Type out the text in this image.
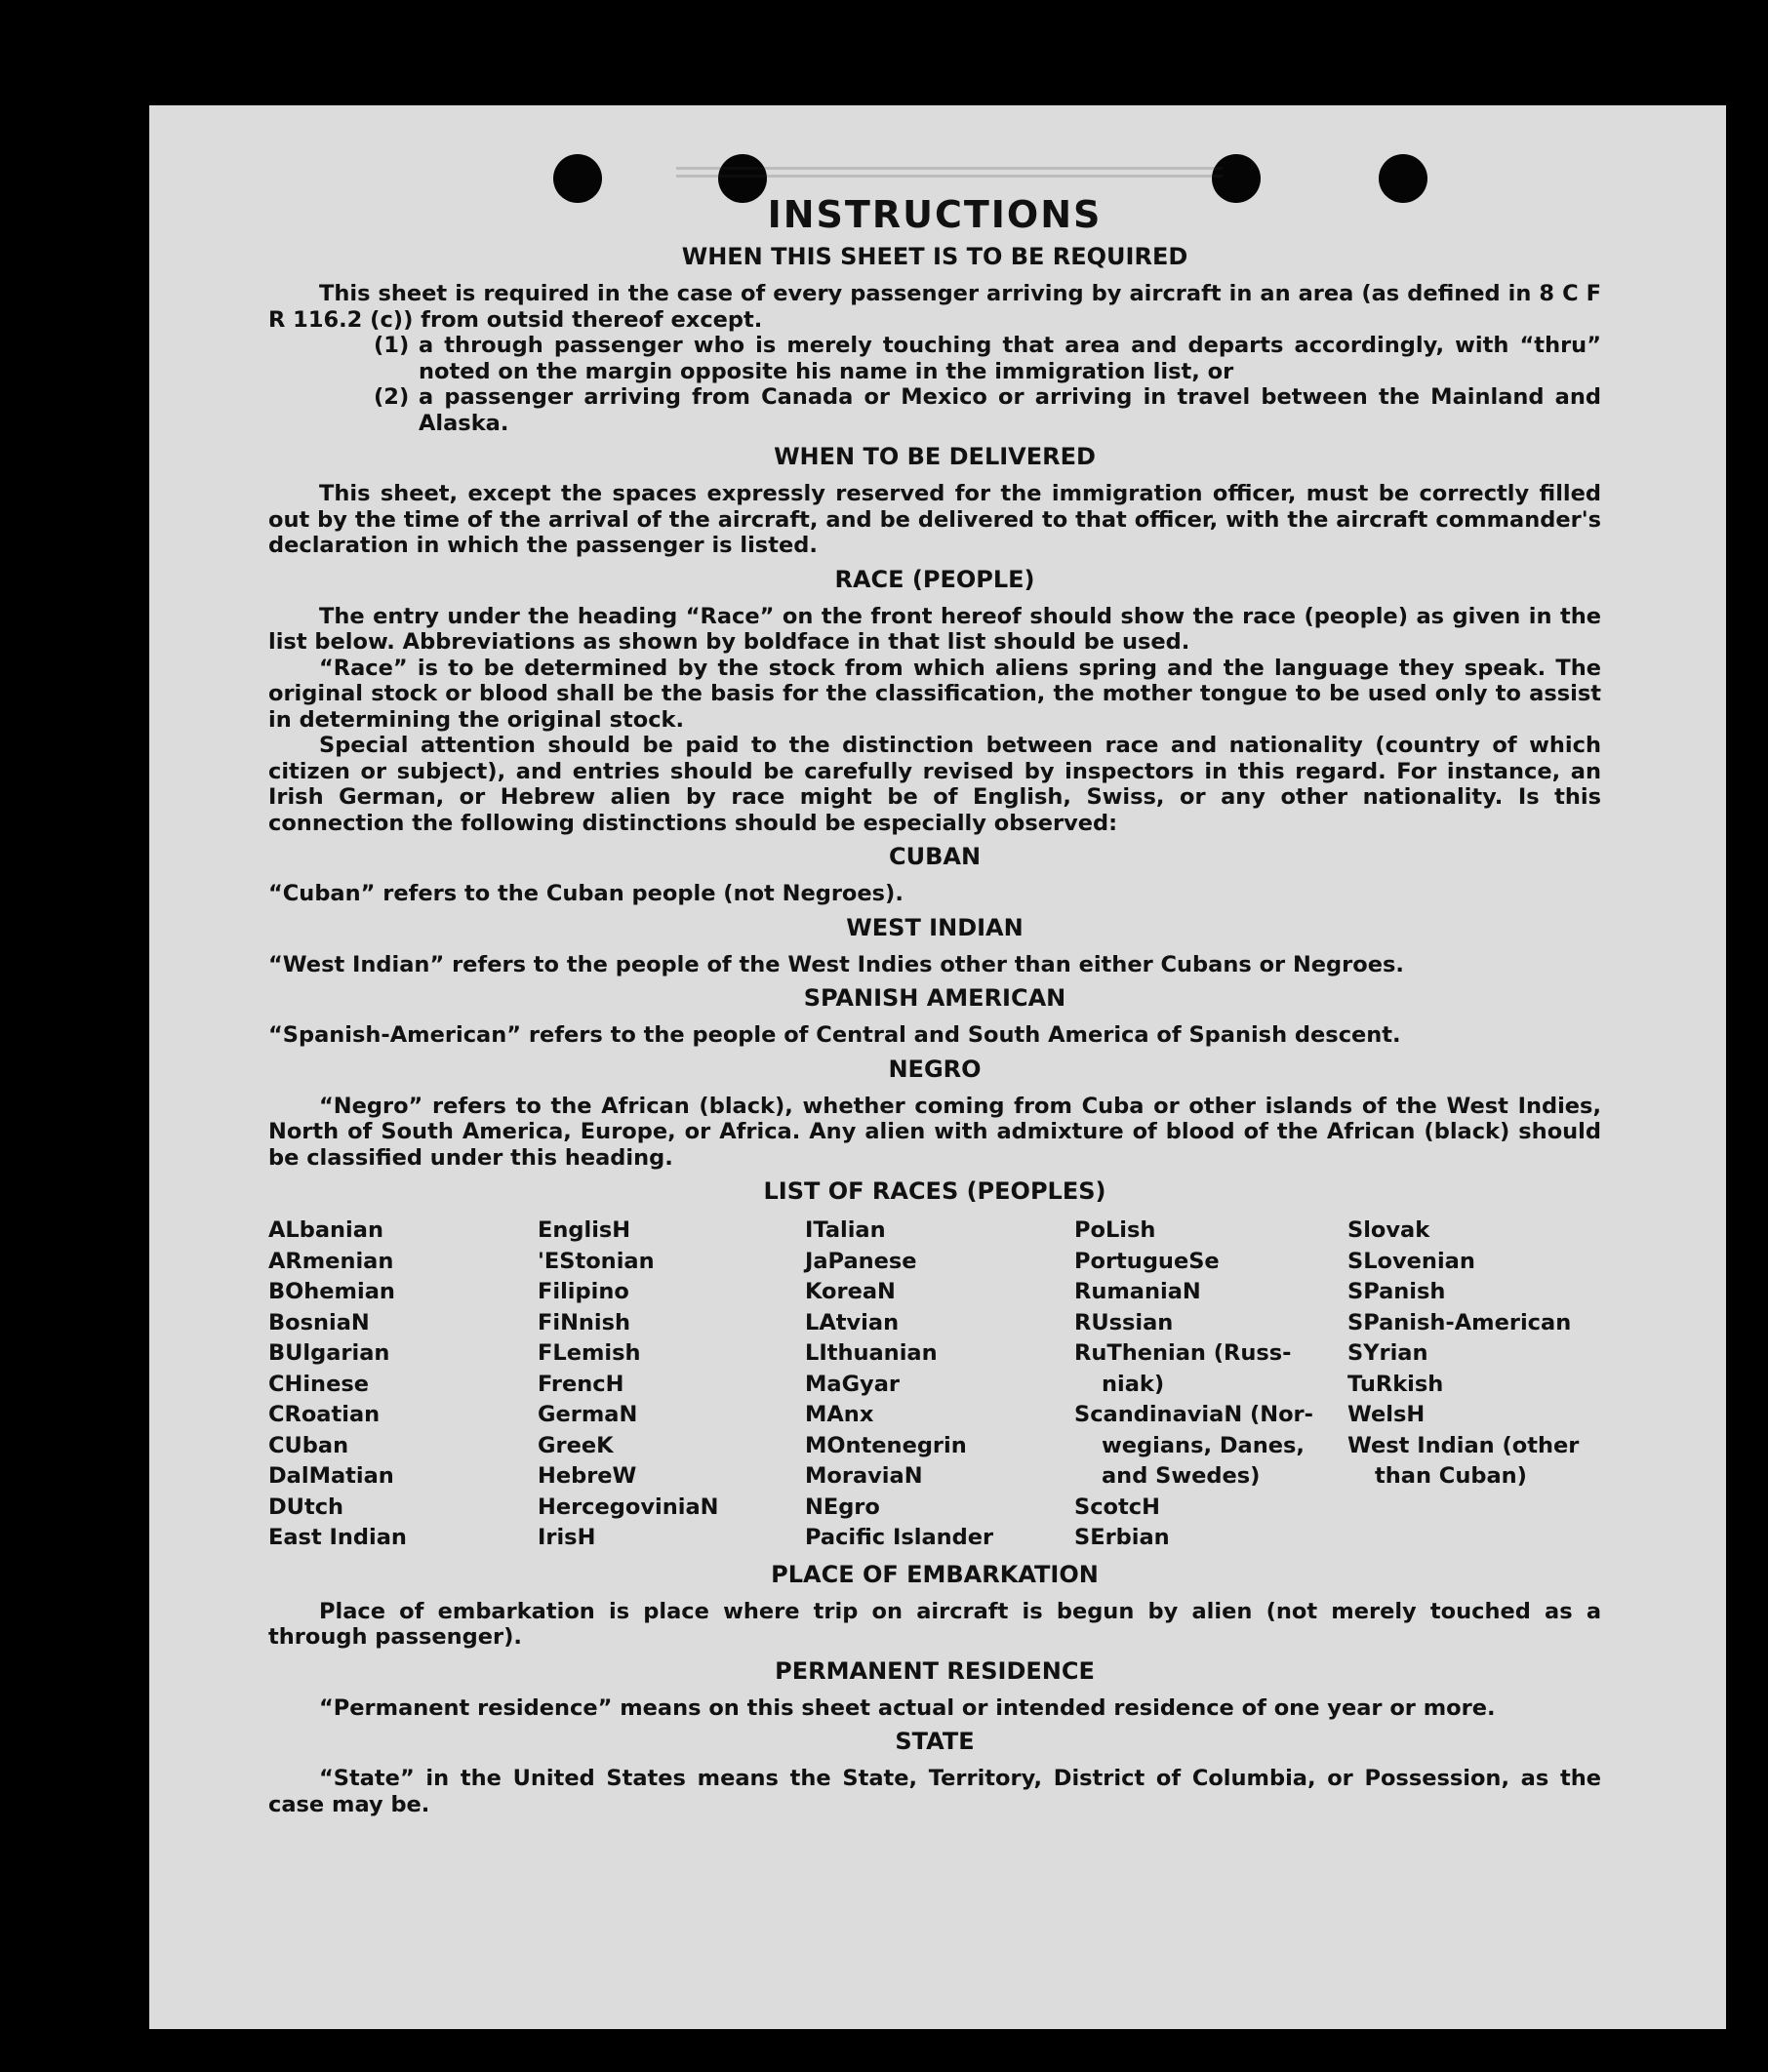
INSTRUCTIONS
WHEN THIS SHEET IS TO BE REQUIRED

This sheet is required in the case of every passenger arriving by aircraft in an area (as defined in 8 C F R 116.2 (c)) from outsid thereof except.

(1) a through passenger who is merely touching that area and departs accordingly, with “thru” noted on the margin opposite his name in the immigration list, or
(2) a passenger arriving from Canada or Mexico or arriving in travel between the Mainland and Alaska.
WHEN TO BE DELIVERED

This sheet, except the spaces expressly reserved for the immigration officer, must be correctly filled out by the time of the arrival of the aircraft, and be delivered to that officer, with the aircraft commander's declaration in which the passenger is listed.

RACE (PEOPLE)

The entry under the heading “Race” on the front hereof should show the race (people) as given in the list below. Abbreviations as shown by boldface in that list should be used.

“Race” is to be determined by the stock from which aliens spring and the language they speak. The original stock or blood shall be the basis for the classification, the mother tongue to be used only to assist in determining the original stock.

Special attention should be paid to the distinction between race and nationality (country of which citizen or subject), and entries should be carefully revised by inspectors in this regard. For instance, an Irish German, or Hebrew alien by race might be of English, Swiss, or any other nationality. Is this connection the following distinctions should be especially observed:

CUBAN

“Cuban” refers to the Cuban people (not Negroes).

WEST INDIAN

“West Indian” refers to the people of the West Indies other than either Cubans or Negroes.

SPANISH AMERICAN

“Spanish-American” refers to the people of Central and South America of Spanish descent.

NEGRO

“Negro” refers to the African (black), whether coming from Cuba or other islands of the West Indies, North of South America, Europe, or Africa. Any alien with admixture of blood of the African (black) should be classified under this heading.

LIST OF RACES (PEOPLES)
ALbanian
ARmenian
BOhemian
BosniaN
BUlgarian
CHinese
CRoatian
CUban
DalMatian
DUtch
East Indian
EnglisH
'EStonian
Filipino
FiNnish
FLemish
FrencH
GermaN
GreeK
HebreW
HercegoviniaN
IrisH
ITalian
JaPanese
KoreaN
LAtvian
LIthuanian
MaGyar
MAnx
MOntenegrin
MoraviaN
NEgro
Pacific Islander
PoLish
PortugueSe
RumaniaN
RUssian
RuThenian (Russ-
niak)
ScandinaviaN (Nor-
wegians, Danes,
and Swedes)
ScotcH
SErbian
Slovak
SLovenian
SPanish
SPanish-American
SYrian
TuRkish
WelsH
West Indian (other
than Cuban)
PLACE OF EMBARKATION

Place of embarkation is place where trip on aircraft is begun by alien (not merely touched as a through passenger).

PERMANENT RESIDENCE

“Permanent residence” means on this sheet actual or intended residence of one year or more.

STATE

“State” in the United States means the State, Territory, District of Columbia, or Possession, as the case may be.
